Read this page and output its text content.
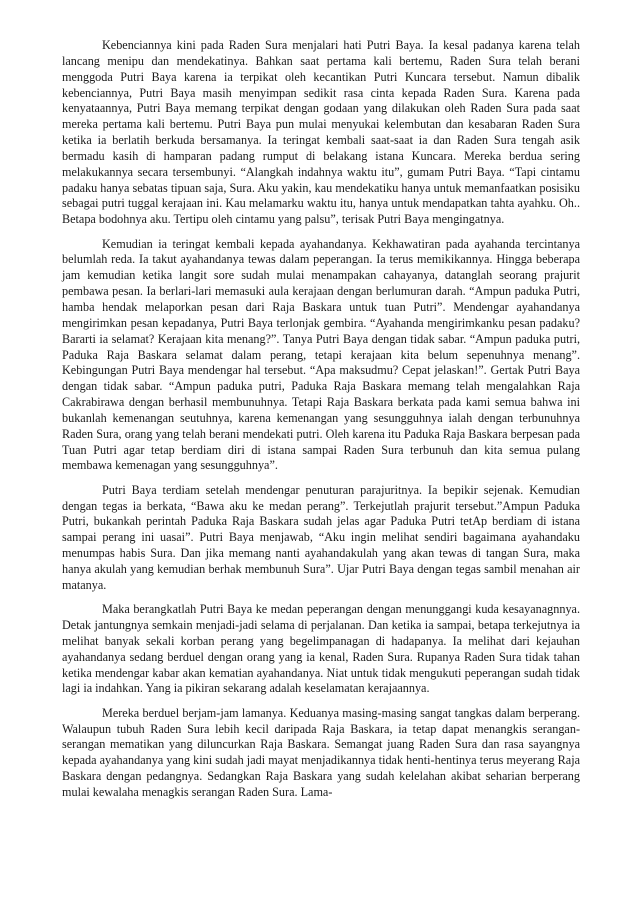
Kebenciannya kini pada Raden Sura menjalari hati Putri Baya. Ia kesal padanya karena telah lancang menipu dan mendekatinya. Bahkan saat pertama kali bertemu, Raden Sura telah berani menggoda Putri Baya karena ia terpikat oleh kecantikan Putri Kuncara tersebut. Namun dibalik kebenciannya, Putri Baya masih menyimpan sedikit rasa cinta kepada Raden Sura. Karena pada kenyataannya, Putri Baya memang terpikat dengan godaan yang dilakukan oleh Raden Sura pada saat mereka pertama kali bertemu. Putri Baya pun mulai menyukai kelembutan dan kesabaran Raden Sura ketika ia berlatih berkuda bersamanya. Ia teringat kembali saat-saat ia dan Raden Sura tengah asik bermadu kasih di hamparan padang rumput di belakang istana Kuncara. Mereka berdua sering melakukannya secara tersembunyi. “Alangkah indahnya waktu itu”, gumam Putri Baya. “Tapi cintamu padaku hanya sebatas tipuan saja, Sura. Aku yakin, kau mendekatiku hanya untuk memanfaatkan posisiku sebagai putri tuggal kerajaan ini. Kau melamarku waktu itu, hanya untuk mendapatkan tahta ayahku. Oh.. Betapa bodohnya aku. Tertipu oleh cintamu yang palsu”, terisak Putri Baya mengingatnya.

Kemudian ia teringat kembali kepada ayahandanya. Kekhawatiran pada ayahanda tercintanya belumlah reda. Ia takut ayahandanya tewas dalam peperangan. Ia terus memikikannya. Hingga beberapa jam kemudian ketika langit sore sudah mulai menampakan cahayanya, datanglah seorang prajurit pembawa pesan. Ia berlari-lari memasuki aula kerajaan dengan berlumuran darah. “Ampun paduka Putri, hamba hendak melaporkan pesan dari Raja Baskara untuk tuan Putri”. Mendengar ayahandanya mengirimkan pesan kepadanya, Putri Baya terlonjak gembira. “Ayahanda mengirimkanku pesan padaku? Bararti ia selamat? Kerajaan kita menang?”. Tanya Putri Baya dengan tidak sabar. “Ampun paduka putri, Paduka Raja Baskara selamat dalam perang, tetapi kerajaan kita belum sepenuhnya menang”. Kebingungan Putri Baya mendengar hal tersebut. “Apa maksudmu? Cepat jelaskan!”. Gertak Putri Baya dengan tidak sabar. “Ampun paduka putri, Paduka Raja Baskara memang telah mengalahkan Raja Cakrabirawa dengan berhasil membunuhnya. Tetapi Raja Baskara berkata pada kami semua bahwa ini bukanlah kemenangan seutuhnya, karena kemenangan yang sesungguhnya ialah dengan terbunuhnya Raden Sura, orang yang telah berani mendekati putri. Oleh karena itu Paduka Raja Baskara berpesan pada Tuan Putri agar tetap berdiam diri di istana sampai Raden Sura terbunuh dan kita semua pulang membawa kemenagan yang sesungguhnya”.

Putri Baya terdiam setelah mendengar penuturan parajuritnya. Ia bepikir sejenak. Kemudian dengan tegas ia berkata, “Bawa aku ke medan perang”. Terkejutlah prajurit tersebut.”Ampun Paduka Putri, bukankah perintah Paduka Raja Baskara sudah jelas agar Paduka Putri tetAp berdiam di istana sampai perang ini uasai”. Putri Baya menjawab, “Aku ingin melihat sendiri bagaimana ayahandaku menumpas habis Sura. Dan jika memang nanti ayahandakulah yang akan tewas di tangan Sura, maka hanya akulah yang kemudian berhak membunuh Sura”. Ujar Putri Baya dengan tegas sambil menahan air matanya.

Maka berangkatlah Putri Baya ke medan peperangan dengan menunggangi kuda kesayanagnnya. Detak jantungnya semkain menjadi-jadi selama di perjalanan. Dan ketika ia sampai, betapa terkejutnya ia melihat banyak sekali korban perang yang begelimpanagan di hadapanya. Ia melihat dari kejauhan ayahandanya sedang berduel dengan orang yang ia kenal, Raden Sura. Rupanya Raden Sura tidak tahan ketika mendengar kabar akan kematian ayahandanya. Niat untuk tidak mengukuti peperangan sudah tidak lagi ia indahkan. Yang ia pikiran sekarang adalah keselamatan kerajaannya.

Mereka berduel berjam-jam lamanya. Keduanya masing-masing sangat tangkas dalam berperang. Walaupun tubuh Raden Sura lebih kecil daripada Raja Baskara, ia tetap dapat menangkis serangan-serangan mematikan yang diluncurkan Raja Baskara. Semangat juang Raden Sura dan rasa sayangnya kepada ayahandanya yang kini sudah jadi mayat menjadikannya tidak henti-hentinya terus meyerang Raja Baskara dengan pedangnya. Sedangkan Raja Baskara yang sudah kelelahan akibat seharian berperang mulai kewalaha menagkis serangan Raden Sura. Lama-
